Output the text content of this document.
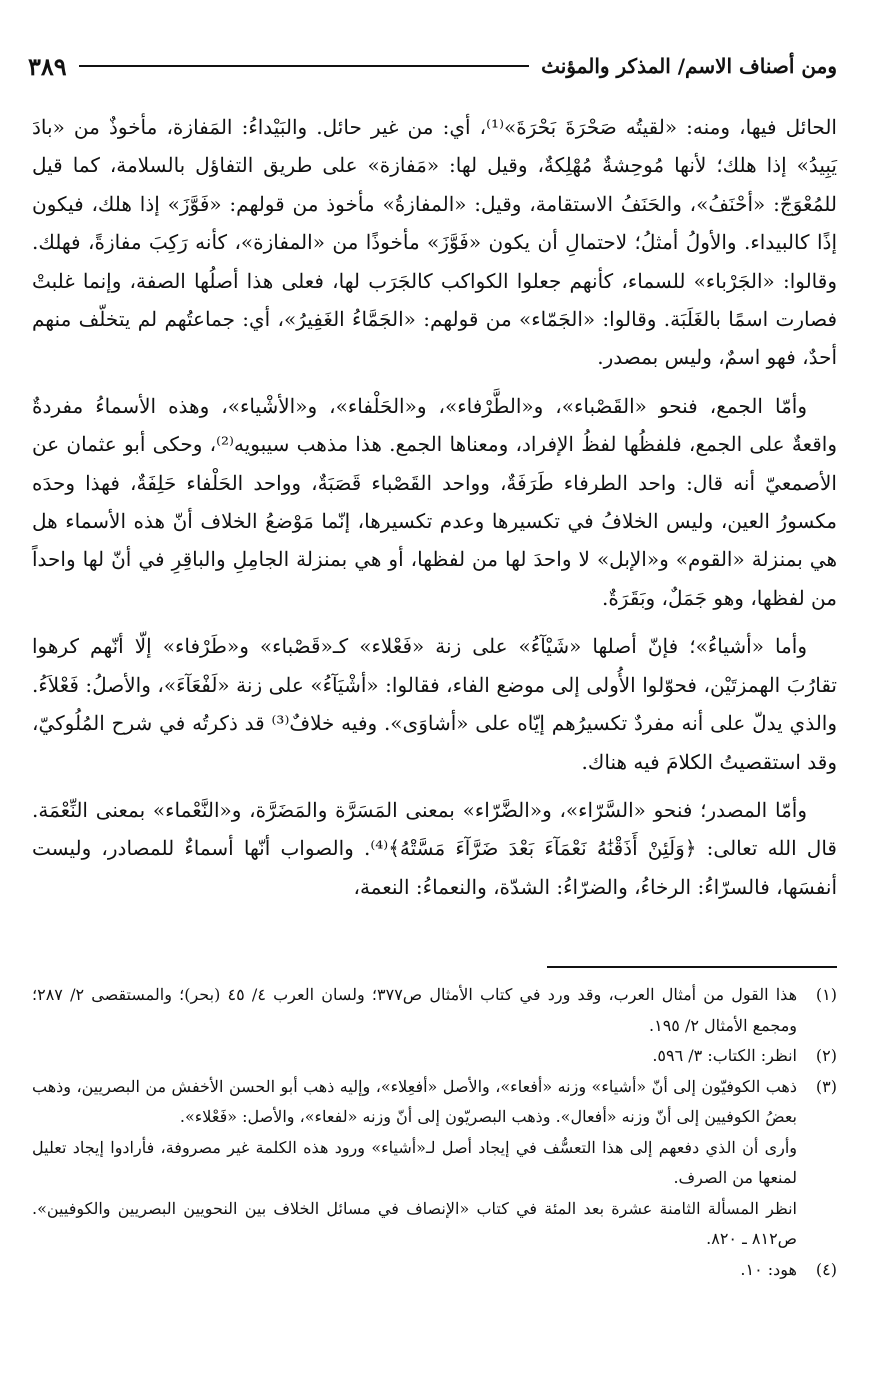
ومن أصناف الاسم/ المذكر والمؤنث
٣٨٩

الحائل فيها، ومنه: «لقيتُه صَحْرَةَ بَحْرَةَ»⁽¹⁾، أي: من غير حائل. والبَيْداءُ: المَفازة، مأخوذٌ من «بادَ يَبِيدُ» إذا هلك؛ لأنها مُوحِشةٌ مُهْلِكةٌ، وقيل لها: «مَفازة» على طريق التفاؤل بالسلامة، كما قيل للمُعْوَجّ: «أحْنَفُ»، والحَنَفُ الاستقامة، وقيل: «المفازةُ» مأخوذ من قولهم: «فَوَّزَ» إذا هلك، فيكون إذًا كالبيداء. والأولُ أمثلُ؛ لاحتمالِ أن يكون «فَوَّزَ» مأخوذًا من «المفازة»، كأنه رَكِبَ مفازةً، فهلك. وقالوا: «الجَرْباء» للسماء، كأنهم جعلوا الكواكب كالجَرَب لها، فعلى هذا أصلُها الصفة، وإنما غلبتْ فصارت اسمًا بالغَلَبَة. وقالوا: «الجَمّاء» من قولهم: «الجَمَّاءُ الغَفِيرُ»، أي: جماعتُهم لم يتخلّف منهم أحدٌ، فهو اسمٌ، وليس بمصدر.

وأمّا الجمع، فنحو «القَصْباء»، و«الطَّرْفاء»، و«الحَلْفاء»، و«الأشْياء»، وهذه الأسماءُ مفردةٌ واقعةٌ على الجمع، فلفظُها لفظُ الإفراد، ومعناها الجمع. هذا مذهب سيبويه⁽²⁾، وحكى أبو عثمان عن الأصمعيّ أنه قال: واحد الطرفاء طَرَفَةٌ، وواحد القَصْباء قَصَبَةٌ، وواحد الحَلْفاء حَلِفَةٌ، فهذا وحدَه مكسورُ العين، وليس الخلافُ في تكسيرها وعدم تكسيرها، إنّما مَوْضعُ الخلاف أنّ هذه الأسماء هل هي بمنزلة «القوم» و«الإبل» لا واحدَ لها من لفظها، أو هي بمنزلة الجامِلِ والباقِرِ في أنّ لها واحداً من لفظها، وهو جَمَلٌ، وبَقَرَةٌ.

وأما «أشياءُ»؛ فإنّ أصلها «شَيْآءُ» على زنة «فَعْلاء» كـ«قَصْباء» و«طَرْفاء» إلّا أنّهم كرهوا تقارُبَ الهمزتَيْن، فحوّلوا الأُولى إلى موضع الفاء، فقالوا: «أشْيَآءُ» على زنة «لَفْعَآءَ»، والأصلُ: فَعْلاَءُ. والذي يدلّ على أنه مفردٌ تكسيرُهم إيّاه على «أشاوَى». وفيه خلافٌ⁽³⁾ قد ذكرتُه في شرح المُلُوكيّ، وقد استقصيتُ الكلامَ فيه هناك.

وأمّا المصدر؛ فنحو «السَّرّاء»، و«الضَّرّاء» بمعنى المَسَرَّة والمَضَرَّة، و«النَّعْماء» بمعنى النِّعْمَة. قال الله تعالى: ﴿وَلَئِنْ أَذَقْنَٰهُ نَعْمَآءَ بَعْدَ ضَرَّآءَ مَسَّتْهُ﴾⁽⁴⁾. والصواب أنّها أسماءٌ للمصادر، وليست أنفسَها، فالسرّاءُ: الرخاءُ، والضرّاءُ: الشدّة، والنعماءُ: النعمة،

(١)
هذا القول من أمثال العرب، وقد ورد في كتاب الأمثال ص٣٧٧؛ ولسان العرب ٤/ ٤٥ (بحر)؛ والمستقصى ٢/ ٢٨٧؛ ومجمع الأمثال ٢/ ١٩٥.

(٢)
انظر: الكتاب: ٣/ ٥٩٦.

(٣)
ذهب الكوفيّون إلى أنّ «أشياء» وزنه «أفعاء»، والأصل «أفعِلاء»، وإليه ذهب أبو الحسن الأخفش من البصريين، وذهب بعضُ الكوفيين إلى أنّ وزنه «أفعال». وذهب البصريّون إلى أنّ وزنه «لفعاء»، والأصل: «فَعْلاء».

وأرى أن الذي دفعهم إلى هذا التعسُّف في إيجاد أصل لـ«أشياء» ورود هذه الكلمة غير مصروفة، فأرادوا إيجاد تعليل لمنعها من الصرف.

انظر المسألة الثامنة عشرة بعد المئة في كتاب «الإنصاف في مسائل الخلاف بين النحويين البصريين والكوفيين». ص٨١٢ ـ ٨٢٠.

(٤)
هود: ١٠.
